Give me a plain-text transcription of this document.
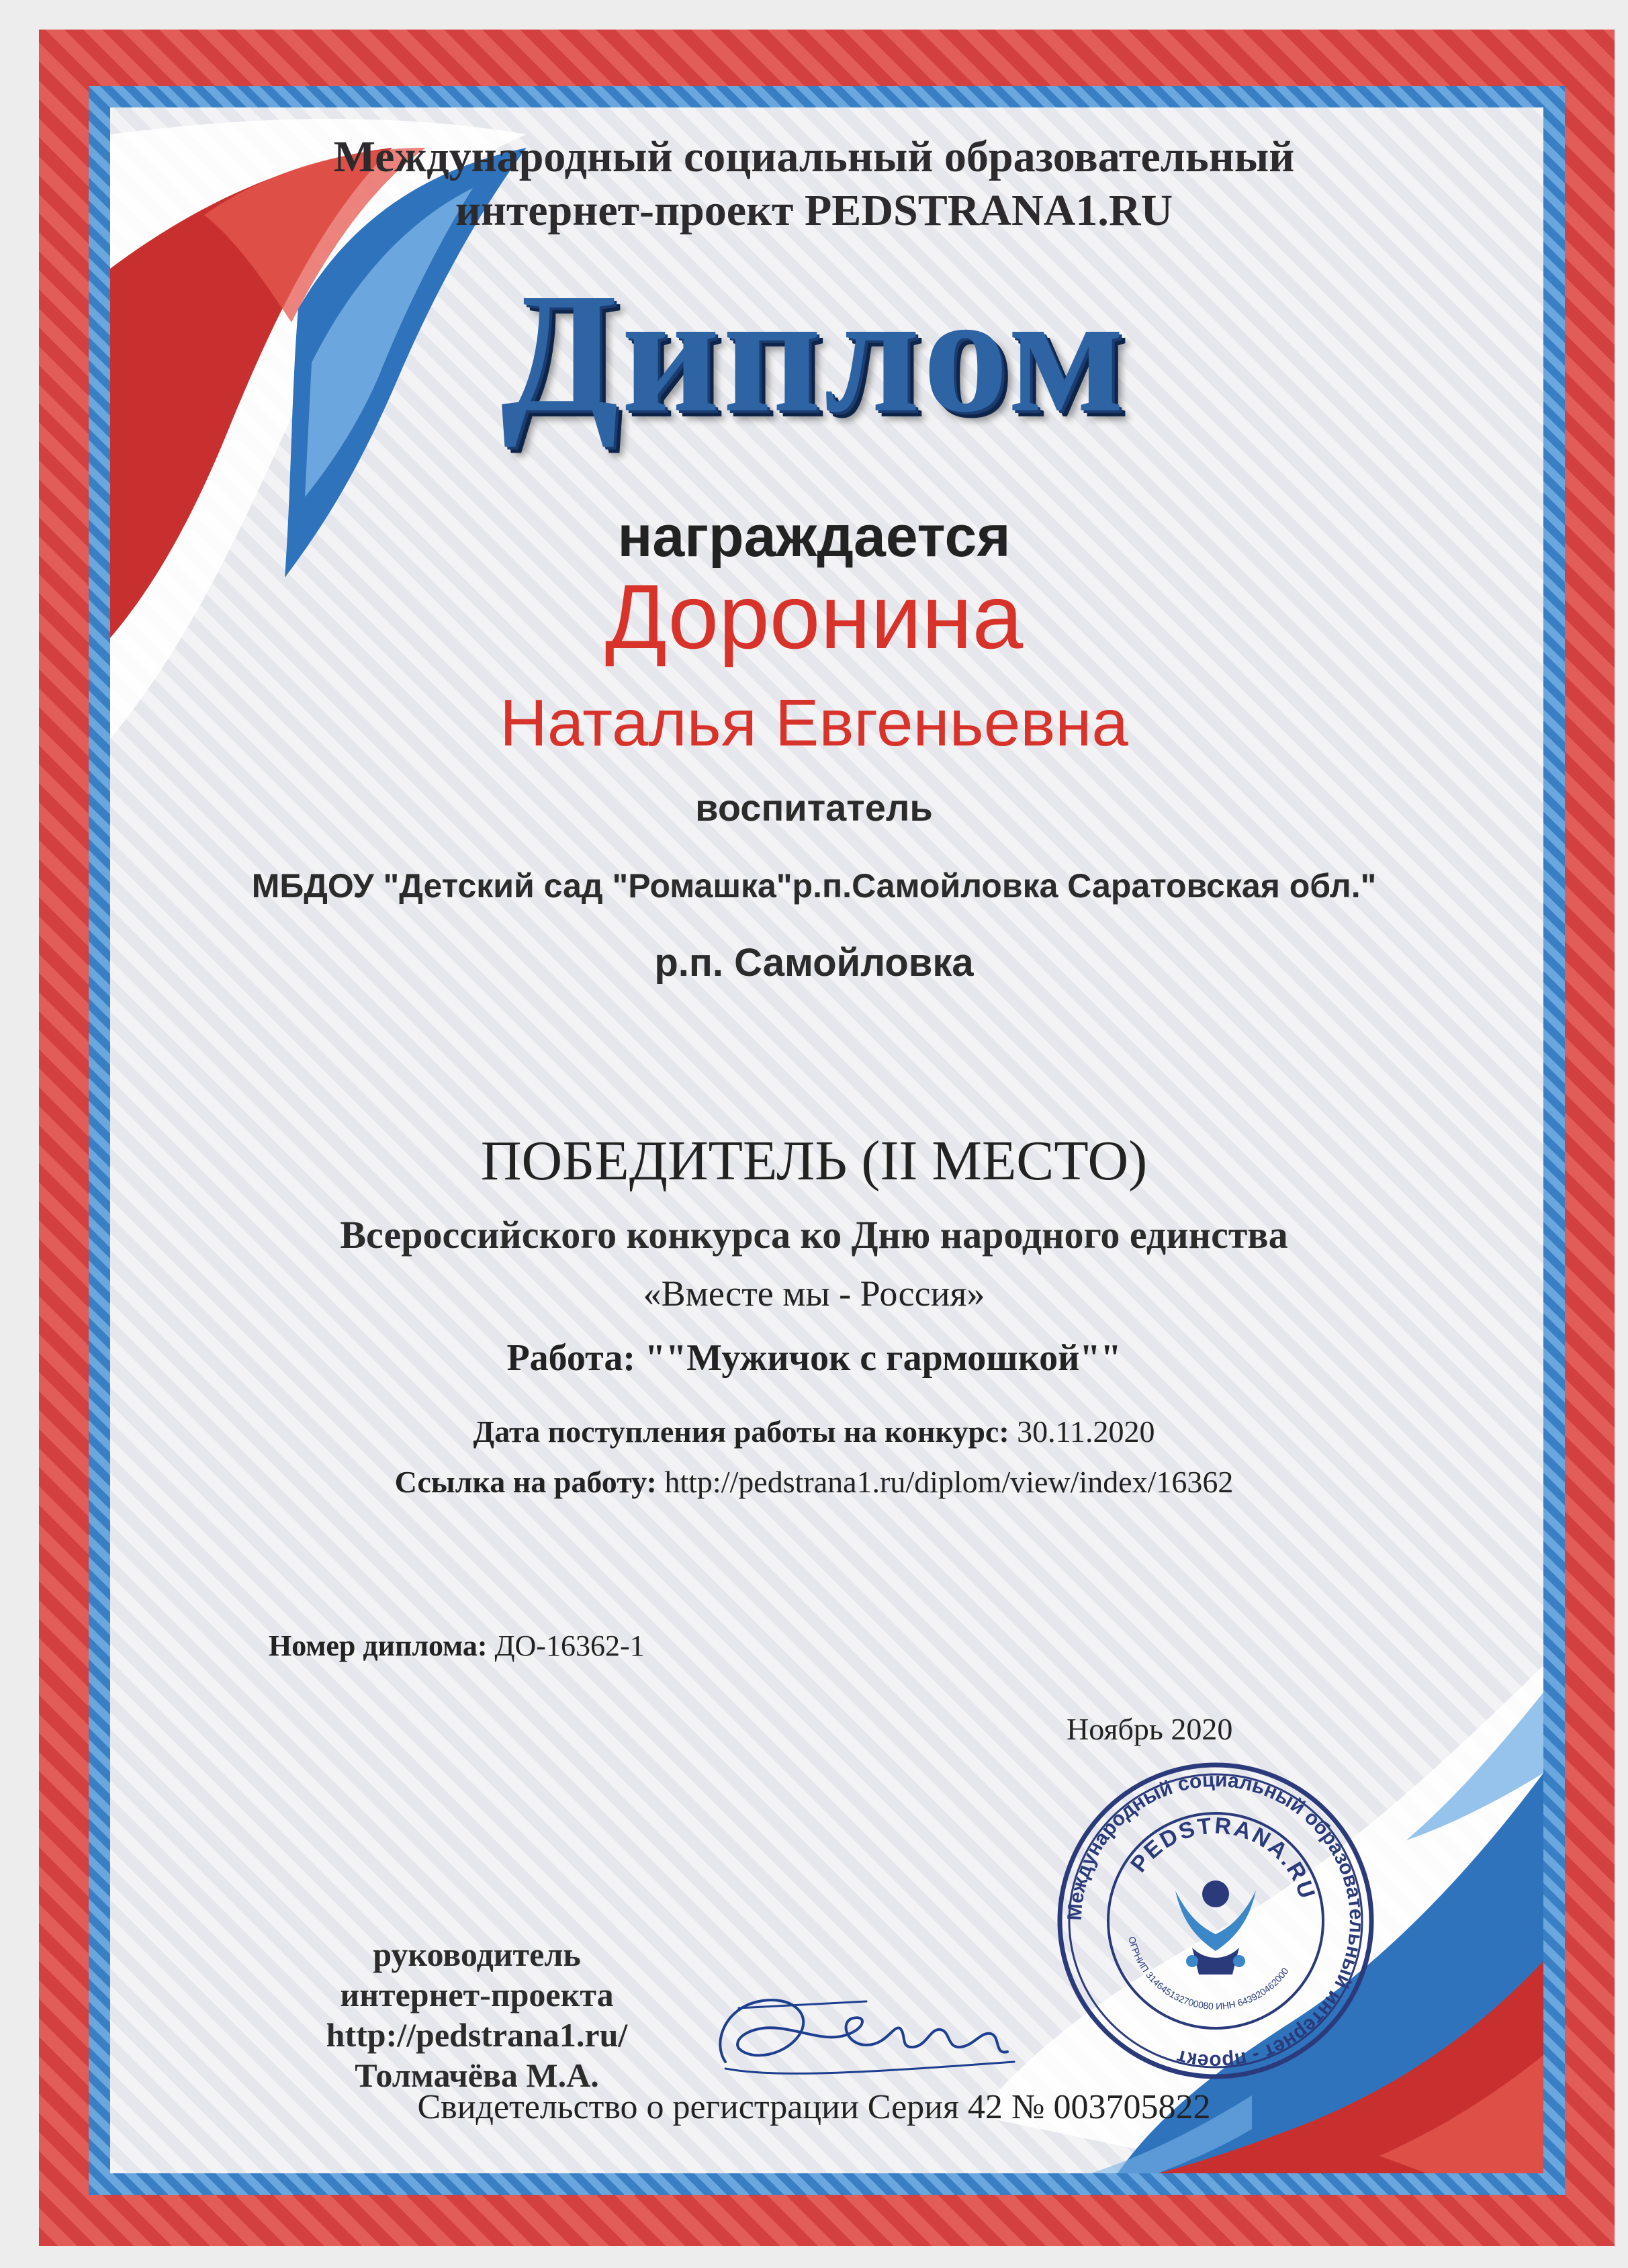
Международный социальный образовательный

интернет-проект PEDSTRANA1.RU

Диплом

награждается

Доронина

Наталья Евгеньевна

воспитатель

МБДОУ "Детский сад "Ромашка"р.п.Самойловка Саратовская обл."

р.п. Самойловка

ПОБЕДИТЕЛЬ (II МЕСТО)

Всероссийского конкурса ко Дню народного единства

«Вместе мы - Россия»

Работа: ""Мужичок с гармошкой""

Дата поступления работы на конкурс: 30.11.2020

Ссылка на работу: http://pedstrana1.ru/diplom/view/index/16362

Номер диплома: ДО-16362-1

Ноябрь 2020

руководитель
интернет-проекта
http://pedstrana1.ru/
Толмачёва М.А.
Международный социальный образовательный интернет - проект
PEDSTRANA.RU
ОГРНИП 314645132700080 ИНН 643920462000

Свидетельство о регистрации Серия 42 № 003705822
